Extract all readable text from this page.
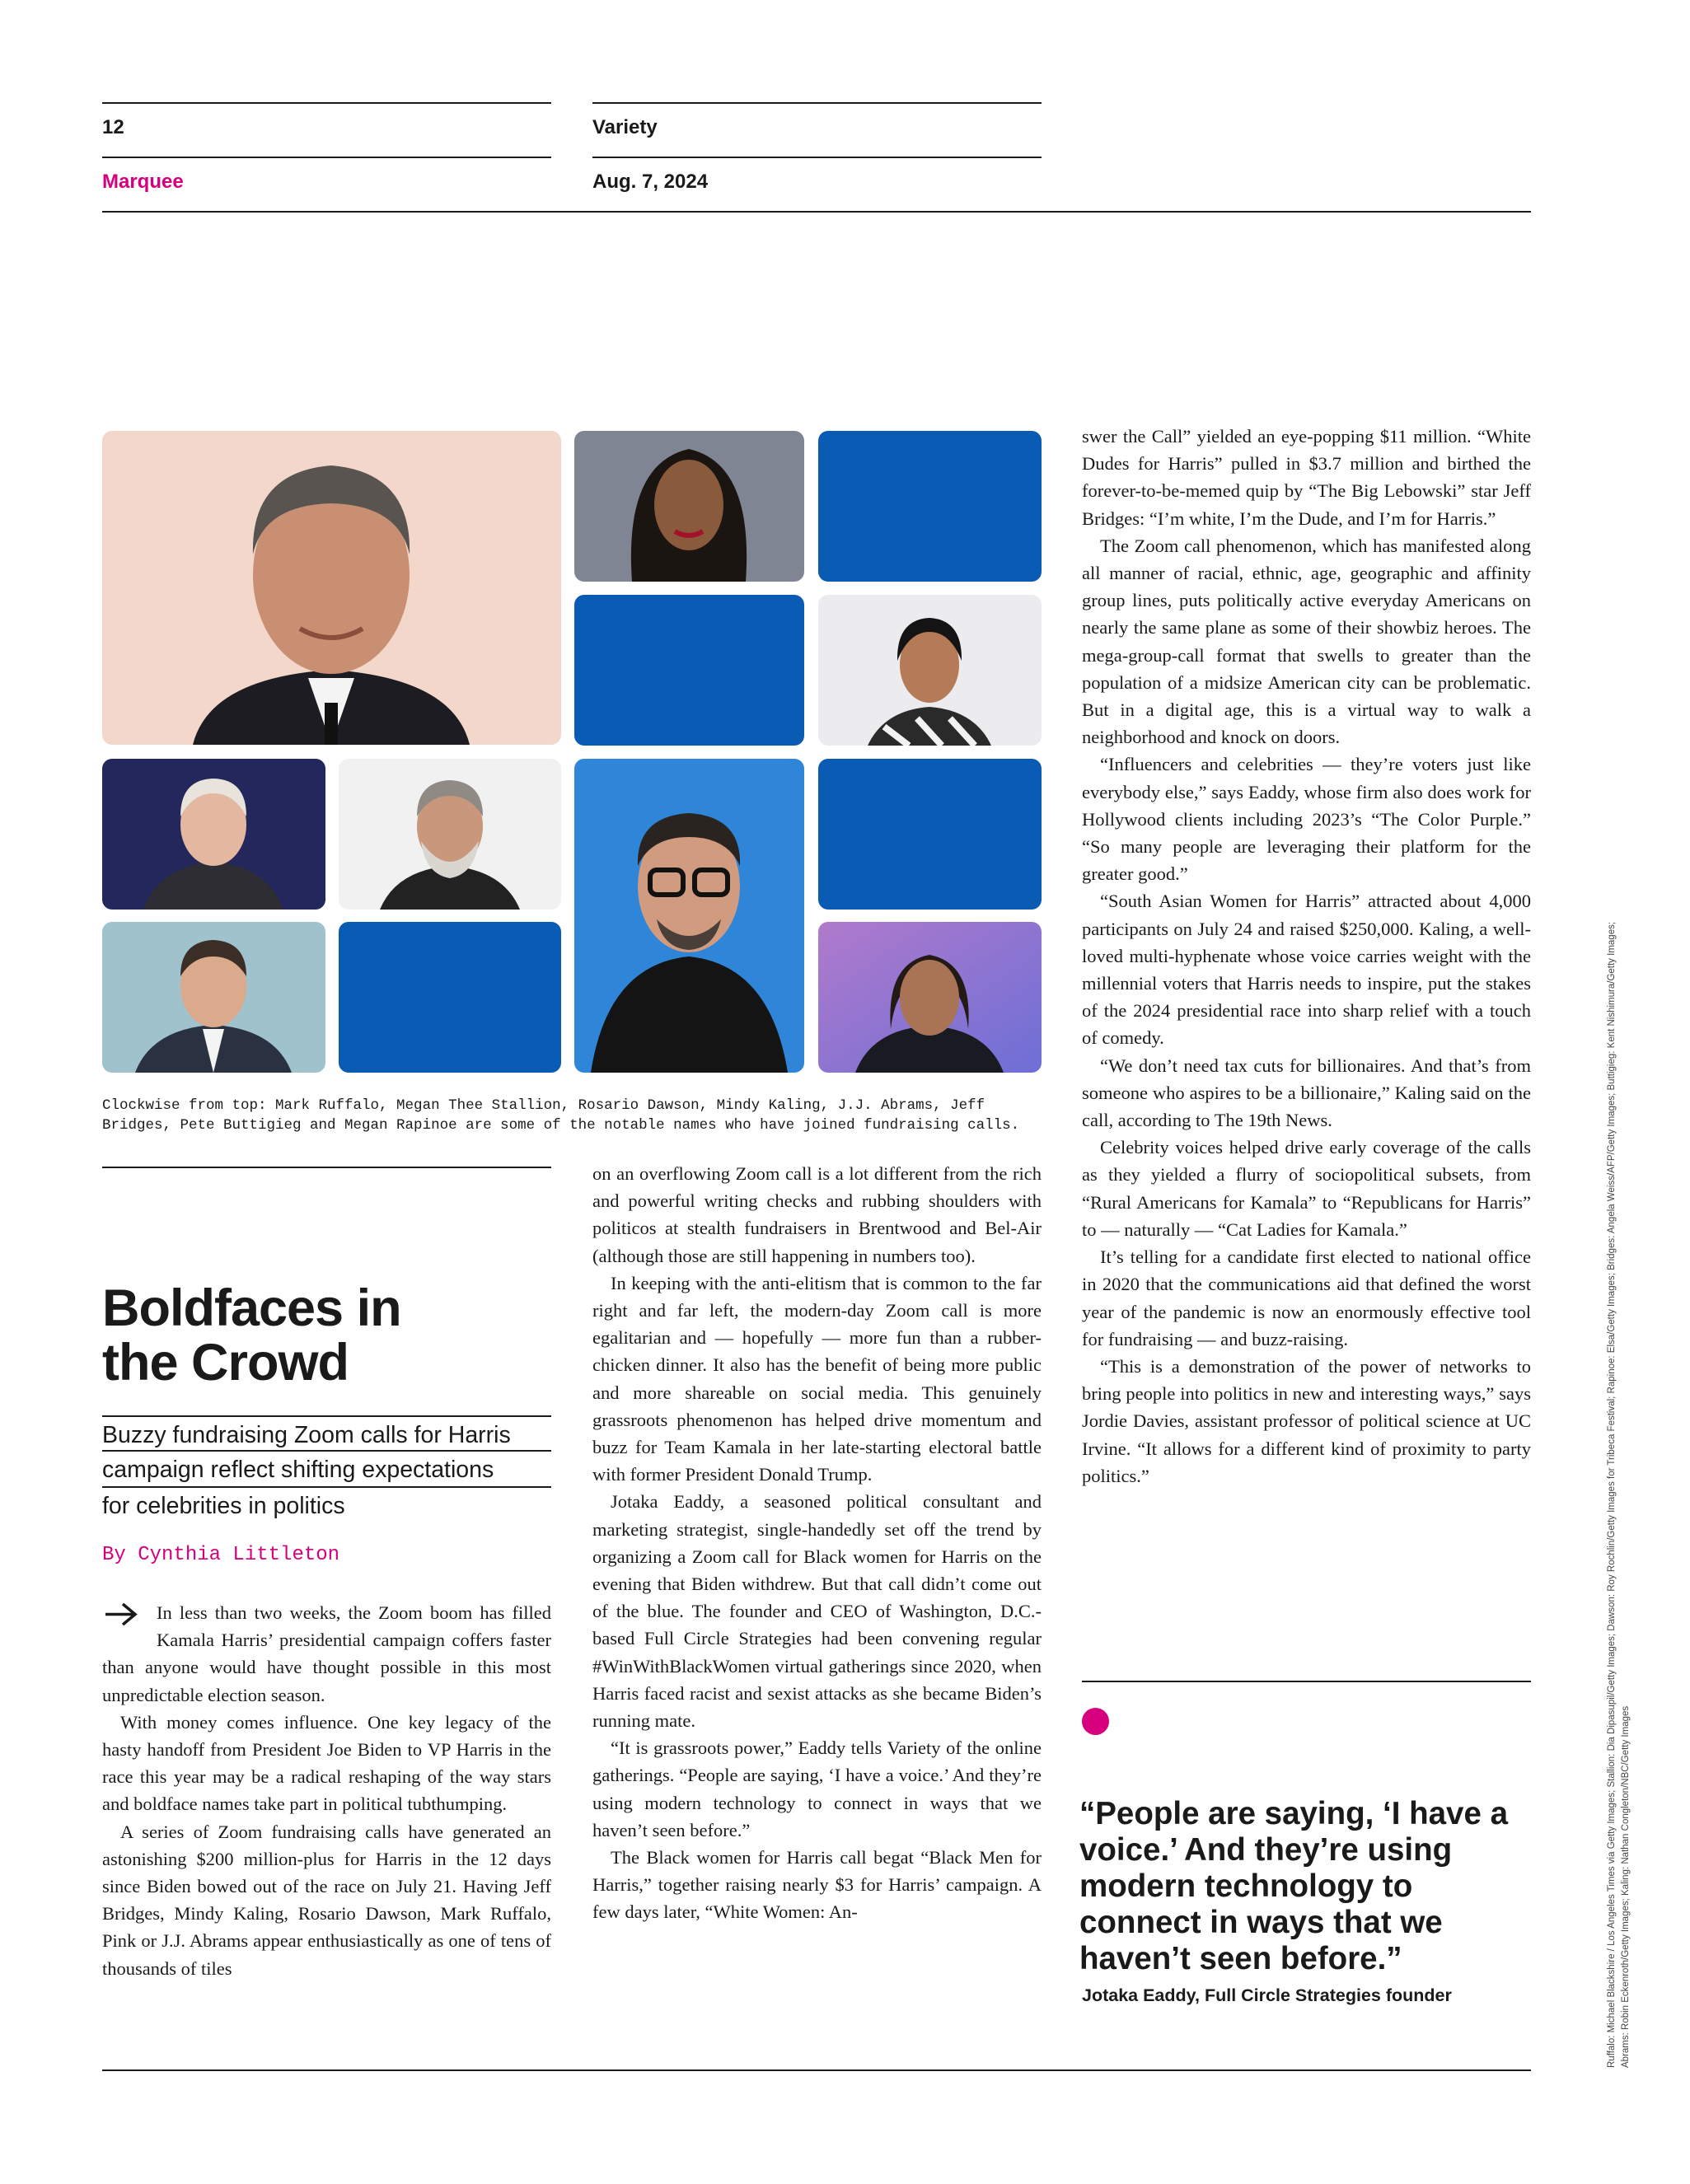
12	Variety
Marquee	Aug. 7, 2024
Clockwise from top: Mark Ruffalo, Megan Thee Stallion, Rosario Dawson, Mindy Kaling, J.J. Abrams, Jeff Bridges, Pete Buttigieg and Megan Rapinoe are some of the notable names who have joined fundraising calls.
Boldfaces in
the Crowd
Buzzy fundraising Zoom calls for Harris
campaign reflect shifting expectations
for celebrities in politics
By Cynthia Littleton

In less than two weeks, the Zoom boom has filled Kamala Harris’ presidential campaign coffers faster than anyone would have thought possible in this most unpredictable election season.

With money comes influence. One key legacy of the hasty handoff from President Joe Biden to VP Harris in the race this year may be a radical reshaping of the way stars and boldface names take part in political tubthumping.

A series of Zoom fundraising calls have generated an astonishing $200 million-plus for Harris in the 12 days since Biden bowed out of the race on July 21. Having Jeff Bridges, Mindy Kaling, Rosario Dawson, Mark Ruffalo, Pink or J.J. Abrams appear enthusiastically as one of tens of thousands of tiles

on an overflowing Zoom call is a lot different from the rich and powerful writing checks and rubbing shoulders with politicos at stealth fundraisers in Brentwood and Bel-Air (although those are still happening in numbers too).

In keeping with the anti-elitism that is common to the far right and far left, the modern-day Zoom call is more egalitarian and — hopefully — more fun than a rubber-chicken dinner. It also has the benefit of being more public and more shareable on social media. This genuinely grassroots phenomenon has helped drive momentum and buzz for Team Kamala in her late-starting electoral battle with former President Donald Trump.

Jotaka Eaddy, a seasoned political consultant and marketing strategist, single-handedly set off the trend by organizing a Zoom call for Black women for Harris on the evening that Biden withdrew. But that call didn’t come out of the blue. The founder and CEO of Washington, D.C.-based Full Circle Strategies had been convening regular #WinWithBlackWomen virtual gatherings since 2020, when Harris faced racist and sexist attacks as she became Biden’s running mate.

“It is grassroots power,” Eaddy tells Variety of the online gatherings. “People are saying, ‘I have a voice.’ And they’re using modern technology to connect in ways that we haven’t seen before.”

The Black women for Harris call begat “Black Men for Harris,” together raising nearly $3 for Harris’ campaign. A few days later, “White Women: An-

swer the Call” yielded an eye-popping $11 million. “White Dudes for Harris” pulled in $3.7 million and birthed the forever-to-be-memed quip by “The Big Lebowski” star Jeff Bridges: “I’m white, I’m the Dude, and I’m for Harris.”

The Zoom call phenomenon, which has manifested along all manner of racial, ethnic, age, geographic and affinity group lines, puts politically active everyday Americans on nearly the same plane as some of their showbiz heroes. The mega-group-call format that swells to greater than the population of a midsize American city can be problematic. But in a digital age, this is a virtual way to walk a neighborhood and knock on doors.

“Influencers and celebrities — they’re voters just like everybody else,” says Eaddy, whose firm also does work for Hollywood clients including 2023’s “The Color Purple.” “So many people are leveraging their platform for the greater good.”

“South Asian Women for Harris” attracted about 4,000 participants on July 24 and raised $250,000. Kaling, a well-loved multi-hyphenate whose voice carries weight with the millennial voters that Harris needs to inspire, put the stakes of the 2024 presidential race into sharp relief with a touch of comedy.

“We don’t need tax cuts for billionaires. And that’s from someone who aspires to be a billionaire,” Kaling said on the call, according to The 19th News.

Celebrity voices helped drive early coverage of the calls as they yielded a flurry of sociopolitical subsets, from “Rural Americans for Kamala” to “Republicans for Harris” to — naturally — “Cat Ladies for Kamala.”

It’s telling for a candidate first elected to national office in 2020 that the communications aid that defined the worst year of the pandemic is now an enormously effective tool for fundraising — and buzz-raising.

“This is a demonstration of the power of networks to bring people into politics in new and interesting ways,” says Jordie Davies, assistant professor of political science at UC Irvine. “It allows for a different kind of proximity to party politics.”

“People are saying, ‘I have a voice.’ And they’re using modern technology to connect in ways that we haven’t seen before.”
Jotaka Eaddy, Full Circle Strategies founder	Ruffalo: Michael Blackshire / Los Angeles Times via Getty Images; Stallion: Dia Dipasupil/Getty Images; Dawson: Roy Rochlin/Getty Images for Tribeca Festival; Rapinoe: Elsa/Getty Images; Bridges: Angela Weiss/AFP/Getty Images; Buttigieg: Kent Nishimura/Getty Images; Abrams: Robin Eckenroth/Getty Images; Kaling: Nathan Congleton/NBC/Getty Images
